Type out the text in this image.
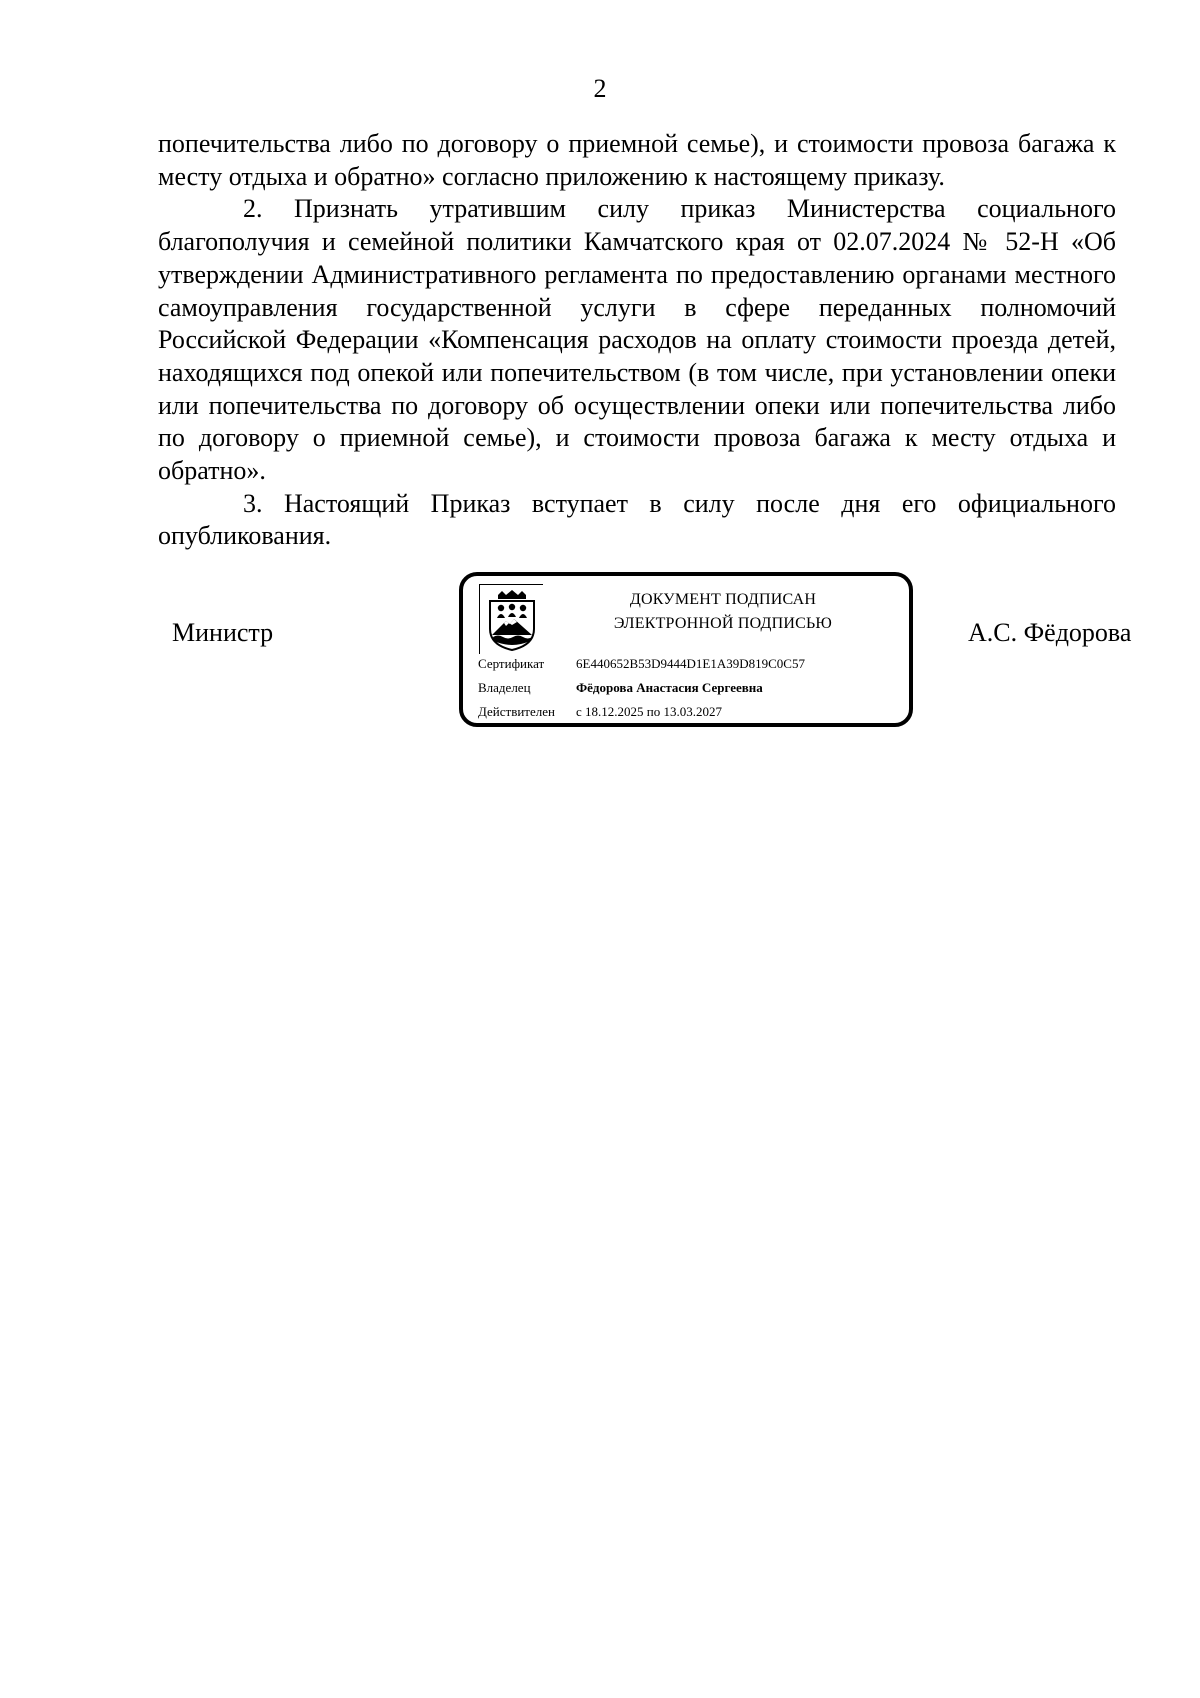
2

попечительства либо по договору о приемной семье), и стоимости провоза багажа к месту отдыха и обратно» согласно приложению к настоящему приказу.

2. Признать утратившим силу приказ Министерства социального благополучия и семейной политики Камчатского края от 02.07.2024 № 52-Н «Об утверждении Административного регламента по предоставлению органами местного самоуправления государственной услуги в сфере переданных полномочий Российской Федерации «Компенсация расходов на оплату стоимости проезда детей, находящихся под опекой или попечительством (в том числе, при установлении опеки или попечительства по договору об осуществлении опеки или попечительства либо по договору о приемной семье), и стоимости провоза багажа к месту отдыха и обратно».

3. Настоящий Приказ вступает в силу после дня его официального опубликования.

Министр
ДОКУМЕНТ ПОДПИСАН
ЭЛЕКТРОННОЙ ПОДПИСЬЮ
Сертификат 6E440652B53D9444D1E1A39D819C0C57
Владелец	Фёдорова Анастасия Сергеевна
Действителен с 18.12.2025 по 13.03.2027
А.С. Фёдорова
